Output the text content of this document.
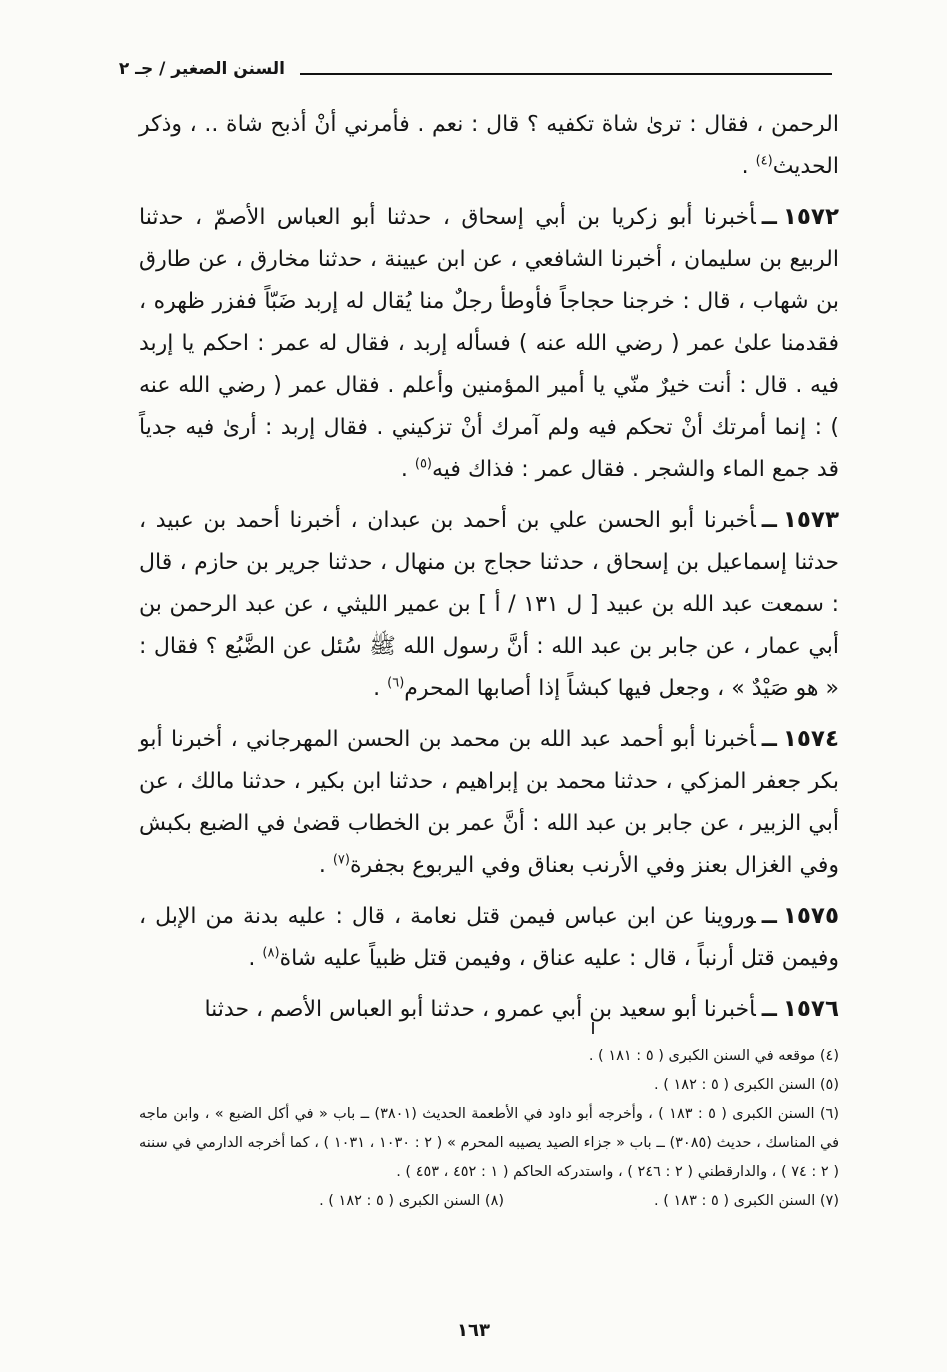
السنن الصغير / جـ ٢

الرحمن ، فقال : ترىٰ شاة تكفيه ؟ قال : نعم . فأمرني أنْ أذبح شاة .. ، وذكر الحديث$^{(٤)}$ .

١٥٧٢ــأخبرنا أبو زكريا بن أبي إسحاق ، حدثنا أبو العباس الأصمّ ، حدثنا الربيع بن سليمان ، أخبرنا الشافعي ، عن ابن عيينة ، حدثنا مخارق ، عن طارق بن شهاب ، قال : خرجنا حجاجاً فأوطأ رجلٌ منا يُقال له إربد ضَبّاً ففزر ظهره ، فقدمنا علىٰ عمر ( رضي الله عنه ) فسأله إربد ، فقال له عمر : احكم يا إربد فيه . قال : أنت خيرٌ منّي يا أمير المؤمنين وأعلم . فقال عمر ( رضي الله عنه ) : إنما أمرتك أنْ تحكم فيه ولم آمرك أنْ تزكيني . فقال إربد : أرىٰ فيه جدياً قد جمع الماء والشجر . فقال عمر : فذاك فيه$^{(٥)}$ .

١٥٧٣ــأخبرنا أبو الحسن علي بن أحمد بن عبدان ، أخبرنا أحمد بن عبيد ، حدثنا إسماعيل بن إسحاق ، حدثنا حجاج بن منهال ، حدثنا جرير بن حازم ، قال : سمعت عبد الله بن عبيد [ ل ١٣١ / أ ] بن عمير الليثي ، عن عبد الرحمن بن أبي عمار ، عن جابر بن عبد الله : أنَّ رسول الله ﷺ سُئل عن الضَّبُع ؟ فقال : « هو صَيْدٌ » ، وجعل فيها كبشاً إذا أصابها المحرم$^{(٦)}$ .

١٥٧٤ــأخبرنا أبو أحمد عبد الله بن محمد بن الحسن المهرجاني ، أخبرنا أبو بكر جعفر المزكي ، حدثنا محمد بن إبراهيم ، حدثنا ابن بكير ، حدثنا مالك ، عن أبي الزبير ، عن جابر بن عبد الله : أنَّ عمر بن الخطاب قضىٰ في الضبع بكبش وفي الغزال بعنز وفي الأرنب بعناق وفي اليربوع بجفرة$^{(٧)}$ .

١٥٧٥ــوروينا عن ابن عباس فيمن قتل نعامة ، قال : عليه بدنة من الإبل ، وفيمن قتل أرنباً ، قال : عليه عناق ، وفيمن قتل ظبياً عليه شاة$^{(٨)}$ .

١٥٧٦ــأخبرنا أبو سعيد بن أبي عمرو ، حدثنا أبو العباس الأصم ، حدثنا

(٤) موقعه في السنن الكبرى ( ٥ : ١٨١ ) .

(٥) السنن الكبرى ( ٥ : ١٨٢ ) .

(٦) السنن الكبرى ( ٥ : ١٨٣ ) ، وأخرجه أبو داود في الأطعمة الحديث (٣٨٠١) ــ باب « في أكل الضبع » ، وابن ماجه في المناسك ، حديث (٣٠٨٥) ــ باب « جزاء الصيد يصيبه المحرم » ( ٢ : ١٠٣٠ ، ١٠٣١ ) ، كما أخرجه الدارمي في سننه ( ٢ : ٧٤ ) ، والدارقطني ( ٢ : ٢٤٦ ) ، واستدركه الحاكم ( ١ : ٤٥٢ ، ٤٥٣ ) .

(٧) السنن الكبرى ( ٥ : ١٨٣ ) .
(٨) السنن الكبرى ( ٥ : ١٨٢ ) .
١٦٣
